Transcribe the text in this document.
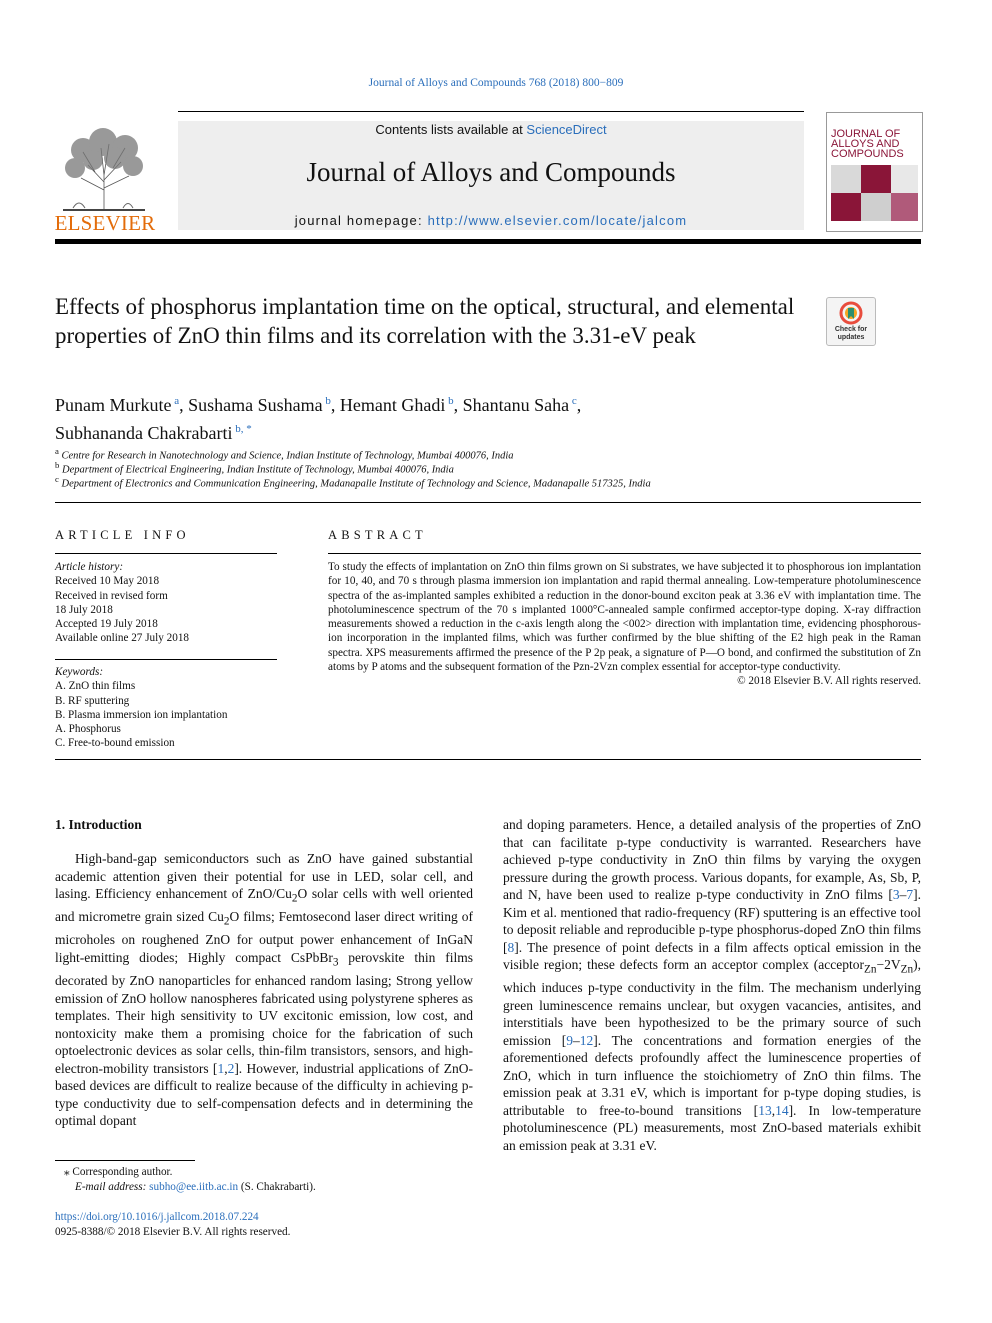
Journal of Alloys and Compounds 768 (2018) 800−809
ELSEVIER
Contents lists available at ScienceDirect
Journal of Alloys and Compounds
journal homepage: http://www.elsevier.com/locate/jalcom
JOURNAL OF ALLOYS AND COMPOUNDS
Effects of phosphorus implantation time on the optical, structural, and elemental properties of ZnO thin films and its correlation with the 3.31-eV peak	Check for
updates
Punam Murkute $^a$, Sushama Sushama $^b$, Hemant Ghadi $^b$, Shantanu Saha $^c$,
Subhananda Chakrabarti $^{b, *}$
$^a$ Centre for Research in Nanotechnology and Science, Indian Institute of Technology, Mumbai 400076, India
$^b$ Department of Electrical Engineering, Indian Institute of Technology, Mumbai 400076, India
$^c$ Department of Electronics and Communication Engineering, Madanapalle Institute of Technology and Science, Madanapalle 517325, India
ARTICLE INFO
Article history:
Received 10 May 2018
Received in revised form
18 July 2018
Accepted 19 July 2018
Available online 27 July 2018
Keywords:
A. ZnO thin films
B. RF sputtering
B. Plasma immersion ion implantation
A. Phosphorus
C. Free-to-bound emission
ABSTRACT
To study the effects of implantation on ZnO thin films grown on Si substrates, we have subjected it to phosphorous ion implantation for 10, 40, and 70 s through plasma immersion ion implantation and rapid thermal annealing. Low-temperature photoluminescence spectra of the as-implanted samples exhibited a reduction in the donor-bound exciton peak at 3.36 eV with implantation time. The photoluminescence spectrum of the 70 s implanted 1000°C-annealed sample confirmed acceptor-type doping. X-ray diffraction measurements showed a reduction in the c-axis length along the <002> direction with implantation time, evidencing phosphorous-ion incorporation in the implanted films, which was further confirmed by the blue shifting of the E2 high peak in the Raman spectra. XPS measurements affirmed the presence of the P 2p peak, a signature of P—O bond, and confirmed the substitution of Zn atoms by P atoms and the subsequent formation of the Pzn-2Vzn complex essential for acceptor-type conductivity.
© 2018 Elsevier B.V. All rights reserved.
1. Introduction

High-band-gap semiconductors such as ZnO have gained substantial academic attention given their potential for use in LED, solar cell, and lasing. Efficiency enhancement of ZnO/$Cu_2O$ solar cells with well oriented and micrometre grain sized $Cu_2O$ films; Femtosecond laser direct writing of microholes on roughened ZnO for output power enhancement of InGaN light-emitting diodes; Highly compact CsPbBr$_3$ perovskite thin films decorated by ZnO nanoparticles for enhanced random lasing; Strong yellow emission of ZnO hollow nanospheres fabricated using polystyrene spheres as templates. Their high sensitivity to UV excitonic emission, low cost, and nontoxicity make them a promising choice for the fabrication of such optoelectronic devices as solar cells, thin-film transistors, sensors, and high-electron-mobility transistors [1,2]. However, industrial applications of ZnO-based devices are difficult to realize because of the difficulty in achieving p-type conductivity due to self-compensation defects and in determining the optimal dopant

and doping parameters. Hence, a detailed analysis of the properties of ZnO that can facilitate p-type conductivity is warranted. Researchers have achieved p-type conductivity in ZnO thin films by varying the oxygen pressure during the growth process. Various dopants, for example, As, Sb, P, and N, have been used to realize p-type conductivity in ZnO films [3–7]. Kim et al. mentioned that radio-frequency (RF) sputtering is an effective tool to deposit reliable and reproducible p-type phosphorus-doped ZnO thin films [8]. The presence of point defects in a film affects optical emission in the visible region; these defects form an acceptor complex $(acceptor_{Zn}-2V_{Zn})$, which induces p-type conductivity in the film. The mechanism underlying green luminescence remains unclear, but oxygen vacancies, antisites, and interstitials have been hypothesized to be the primary source of such emission [9–12]. The concentrations and formation energies of the aforementioned defects profoundly affect the luminescence properties of ZnO, which in turn influence the stoichiometry of ZnO thin films. The emission peak at 3.31 eV, which is important for p-type doping studies, is attributable to free-to-bound transitions [13,14]. In low-temperature photoluminescence (PL) measurements, most ZnO-based materials exhibit an emission peak at 3.31 eV.

⁎ Corresponding author.
E-mail address: subho@ee.iitb.ac.in (S. Chakrabarti).
https://doi.org/10.1016/j.jallcom.2018.07.224
0925-8388/© 2018 Elsevier B.V. All rights reserved.
